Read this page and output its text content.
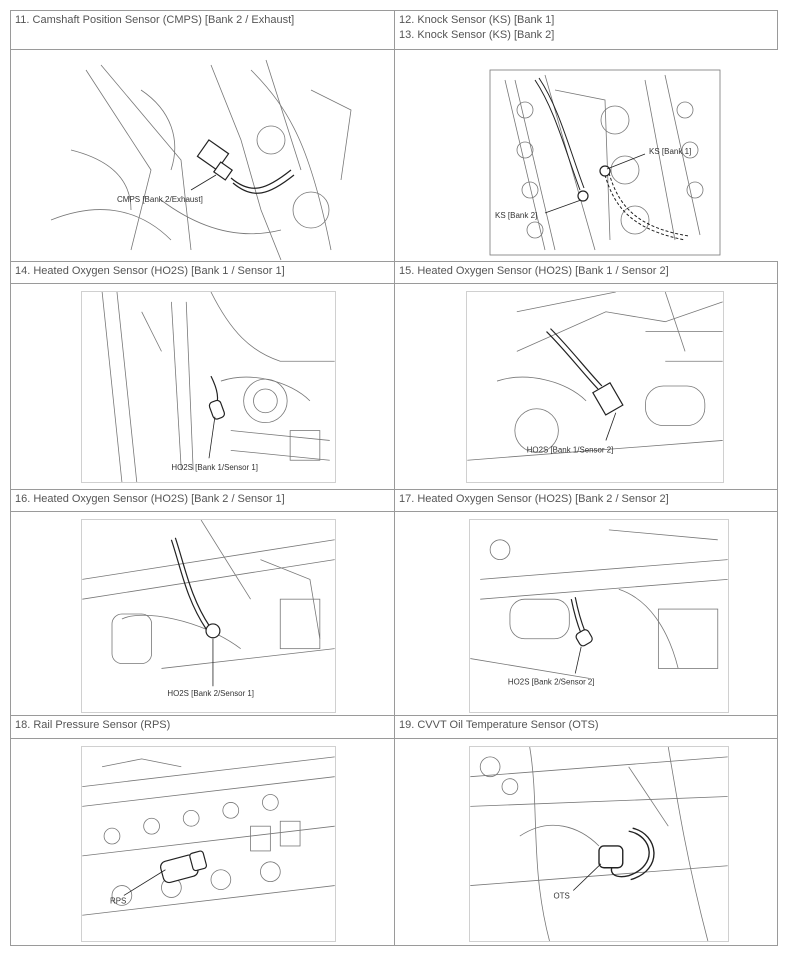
11. Camshaft Position Sensor (CMPS) [Bank 2 / Exhaust]	12. Knock Sensor (KS) [Bank 1]
13. Knock Sensor (KS) [Bank 2]
CMPS [Bank 2/Exhaust]
KS [Bank 1]
KS [Bank 2]
14. Heated Oxygen Sensor (HO2S) [Bank 1 / Sensor 1]	15. Heated Oxygen Sensor (HO2S) [Bank 1 / Sensor 2]
HO2S [Bank 1/Sensor 1]
HO2S [Bank 1/Sensor 2]
16. Heated Oxygen Sensor (HO2S) [Bank 2 / Sensor 1]	17. Heated Oxygen Sensor (HO2S) [Bank 2 / Sensor 2]
HO2S [Bank 2/Sensor 1]
HO2S [Bank 2/Sensor 2]
18. Rail Pressure Sensor (RPS)	19. CVVT Oil Temperature Sensor (OTS)
RPS
OTS
